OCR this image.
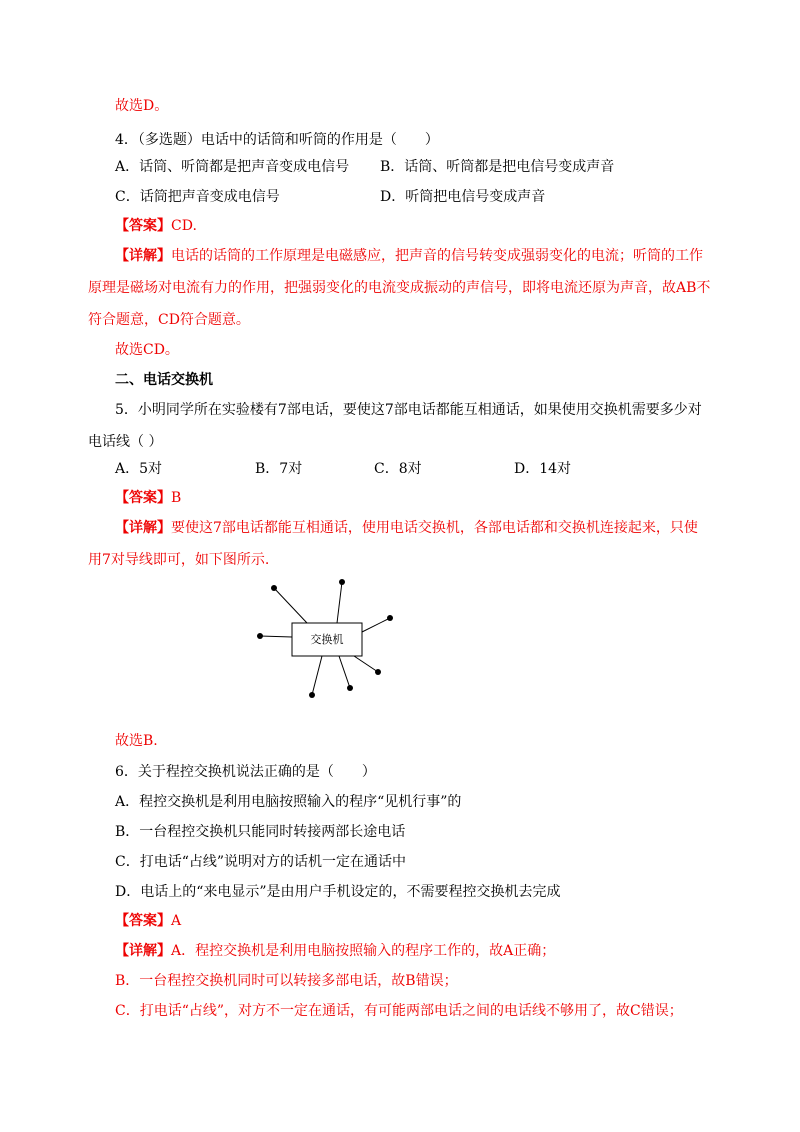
故选D。
4．（多选题）电话中的话筒和听筒的作用是（　　）
A．话筒、听筒都是把声音变成电信号 B．话筒、听筒都是把电信号变成声音
C．话筒把声音变成电信号	D．听筒把电信号变成声音
【答案】CD.
【详解】电话的话筒的工作原理是电磁感应，把声音的信号转变成强弱变化的电流；听筒的工作
原理是磁场对电流有力的作用，把强弱变化的电流变成振动的声信号，即将电流还原为声音，故AB不
符合题意，CD符合题意。
故选CD。
二、电话交换机
5．小明同学所在实验楼有7部电话，要使这7部电话都能互相通话，如果使用交换机需要多少对
电话线（ ）
A．5对	B．7对	C．8对	D．14对
【答案】B
【详解】要使这7部电话都能互相通话，使用电话交换机，各部电话都和交换机连接起来，只使
用7对导线即可，如下图所示.
交换机
故选B.
6．关于程控交换机说法正确的是（　　）
A．程控交换机是利用电脑按照输入的程序“见机行事”的
B．一台程控交换机只能同时转接两部长途电话
C．打电话“占线”说明对方的话机一定在通话中
D．电话上的“来电显示”是由用户手机设定的，不需要程控交换机去完成
【答案】A
【详解】A．程控交换机是利用电脑按照输入的程序工作的，故A正确；
B．一台程控交换机同时可以转接多部电话，故B错误；
C．打电话“占线”，对方不一定在通话，有可能两部电话之间的电话线不够用了，故C错误；
